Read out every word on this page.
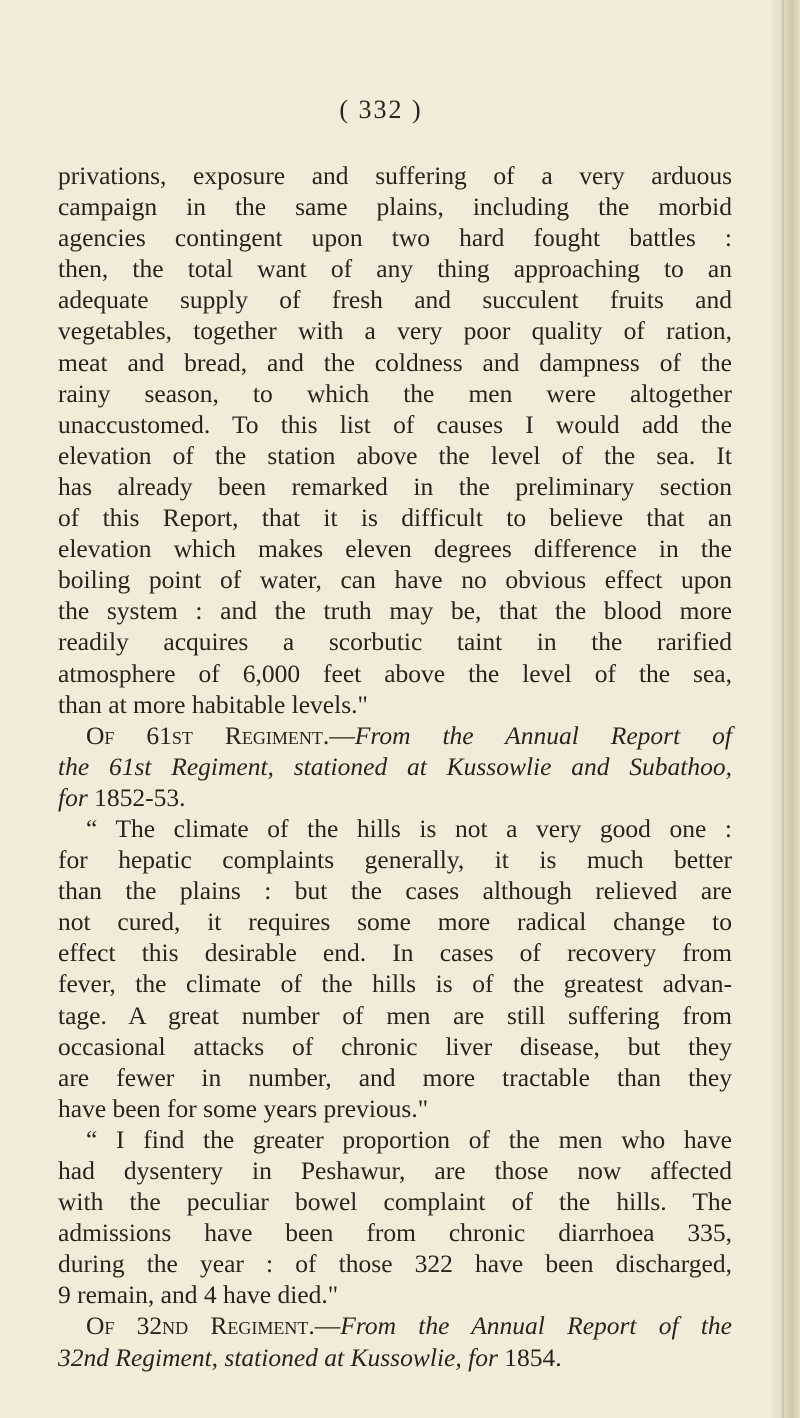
( 332 )
privations, exposure and suffering of a very arduous
campaign in the same plains, including the morbid
agencies contingent upon two hard fought battles :
then, the total want of any thing approaching to an
adequate supply of fresh and succulent fruits and
vegetables, together with a very poor quality of ration,
meat and bread, and the coldness and dampness of the
rainy season, to which the men were altogether
unaccustomed. To this list of causes I would add the
elevation of the station above the level of the sea. It
has already been remarked in the preliminary section
of this Report, that it is difficult to believe that an
elevation which makes eleven degrees difference in the
boiling point of water, can have no obvious effect upon
the system : and the truth may be, that the blood more
readily acquires a scorbutic taint in the rarified
atmosphere of 6,000 feet above the level of the sea,
than at more habitable levels."
Of 61st Regiment.—From the Annual Report of
the 61st Regiment, stationed at Kussowlie and Subathoo,
for 1852-53.
“ The climate of the hills is not a very good one :
for hepatic complaints generally, it is much better
than the plains : but the cases although relieved are
not cured, it requires some more radical change to
effect this desirable end. In cases of recovery from
fever, the climate of the hills is of the greatest advan-
tage. A great number of men are still suffering from
occasional attacks of chronic liver disease, but they
are fewer in number, and more tractable than they
have been for some years previous."
“ I find the greater proportion of the men who have
had dysentery in Peshawur, are those now affected
with the peculiar bowel complaint of the hills. The
admissions have been from chronic diarrhoea 335,
during the year : of those 322 have been discharged,
9 remain, and 4 have died."
Of 32nd Regiment.—From the Annual Report of the
32nd Regiment, stationed at Kussowlie, for 1854.
